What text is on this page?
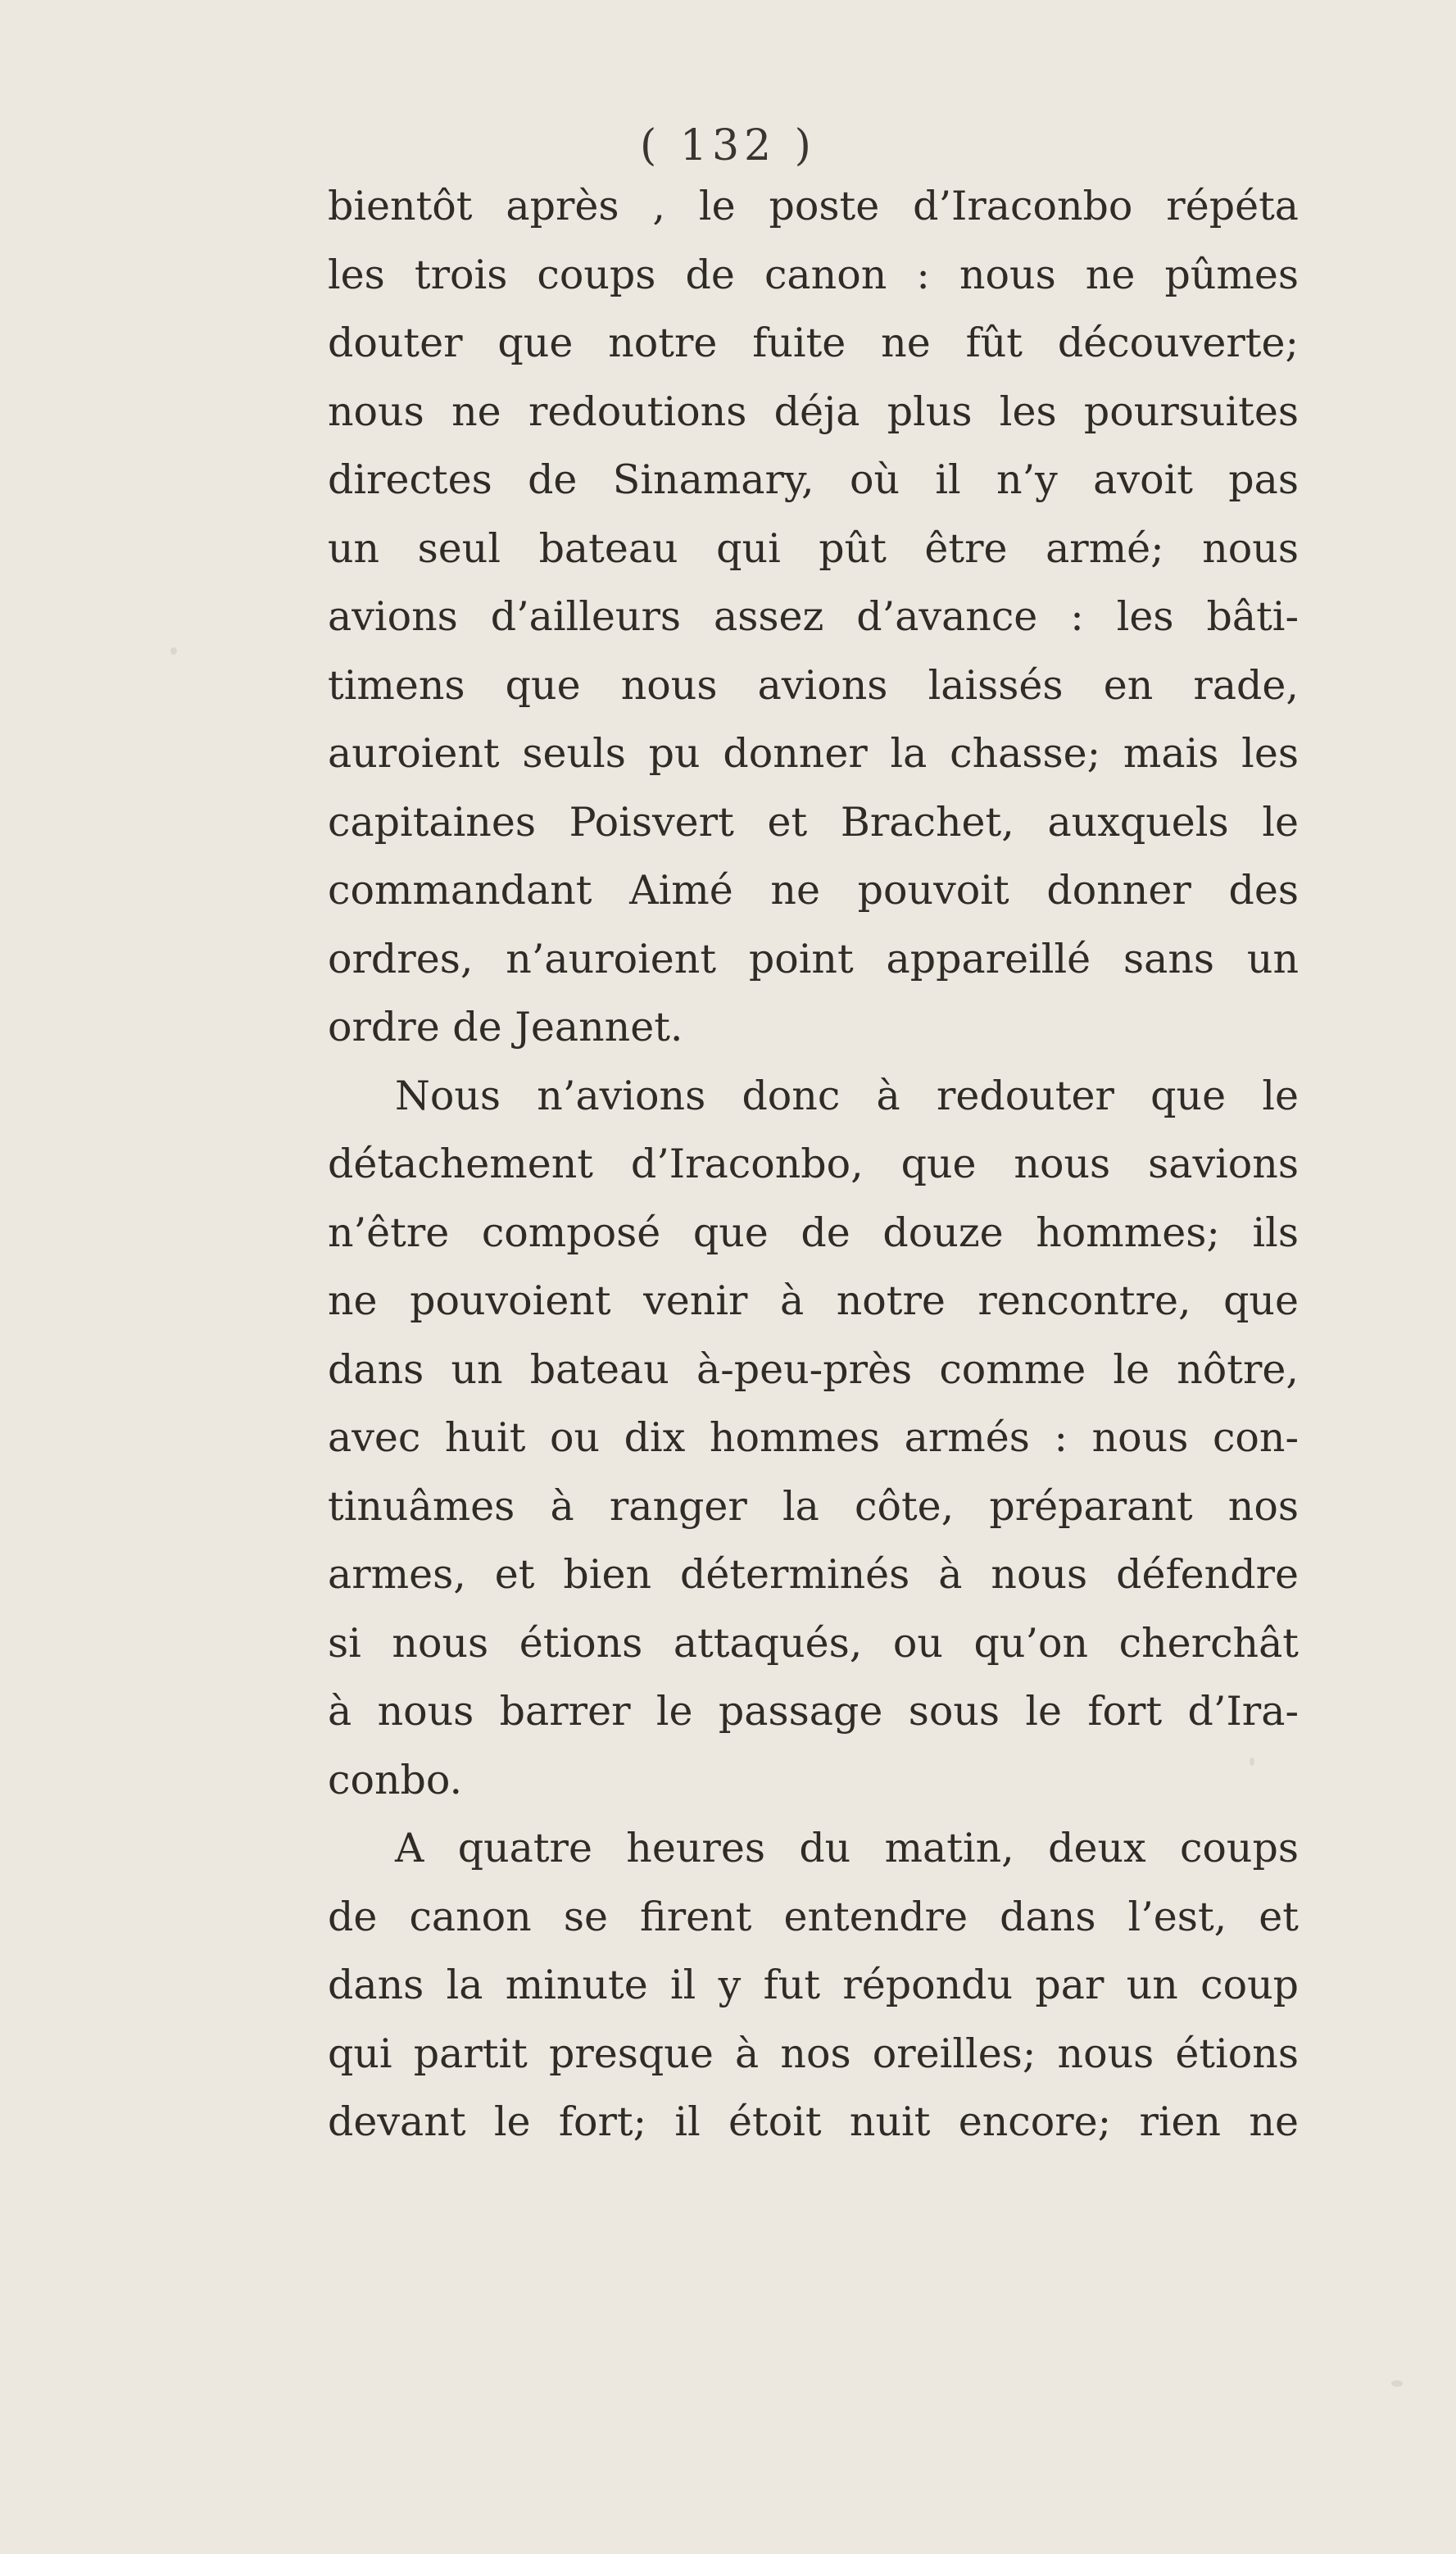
( 132 )
bientôt après , le poste d’Iraconbo répéta
les trois coups de canon : nous ne pûmes
douter que notre fuite ne fût découverte;
nous ne redoutions déja plus les poursuites
directes de Sinamary, où il n’y avoit pas
un seul bateau qui pût être armé; nous
avions d’ailleurs assez d’avance : les bâti-
timens que nous avions laissés en rade,
auroient seuls pu donner la chasse; mais les
capitaines Poisvert et Brachet, auxquels le
commandant Aimé ne pouvoit donner des
ordres, n’auroient point appareillé sans un
ordre de Jeannet.
Nous n’avions donc à redouter que le
détachement d’Iraconbo, que nous savions
n’être composé que de douze hommes; ils
ne pouvoient venir à notre rencontre, que
dans un bateau à-peu-près comme le nôtre,
avec huit ou dix hommes armés : nous con-
tinuâmes à ranger la côte, préparant nos
armes, et bien déterminés à nous défendre
si nous étions attaqués, ou qu’on cherchât
à nous barrer le passage sous le fort d’Ira-
conbo.
A quatre heures du matin, deux coups
de canon se firent entendre dans l’est, et
dans la minute il y fut répondu par un coup
qui partit presque à nos oreilles; nous étions
devant le fort; il étoit nuit encore; rien ne
